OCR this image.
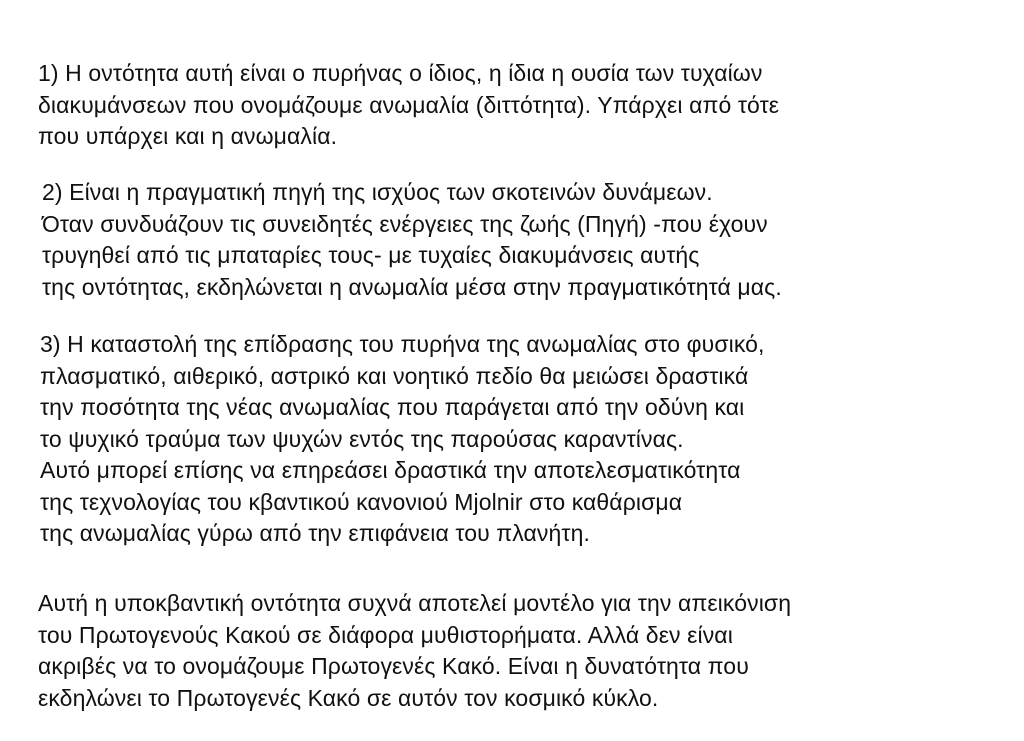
1) Η οντότητα αυτή είναι ο πυρήνας ο ίδιος, η ίδια η ουσία των τυχαίων
διακυμάνσεων που ονομάζουμε ανωμαλία (διττότητα). Υπάρχει από τότε
που υπάρχει και η ανωμαλία.
2) Είναι η πραγματική πηγή της ισχύος των σκοτεινών δυνάμεων.
Όταν συνδυάζουν τις συνειδητές ενέργειες της ζωής (Πηγή) -που έχουν
τρυγηθεί από τις μπαταρίες τους- με τυχαίες διακυμάνσεις αυτής
της οντότητας, εκδηλώνεται η ανωμαλία μέσα στην πραγματικότητά μας.
3) Η καταστολή της επίδρασης του πυρήνα της ανωμαλίας στο φυσικό,
πλασματικό, αιθερικό, αστρικό και νοητικό πεδίο θα μειώσει δραστικά
την ποσότητα της νέας ανωμαλίας που παράγεται από την οδύνη και
το ψυχικό τραύμα των ψυχών εντός της παρούσας καραντίνας.
Αυτό μπορεί επίσης να επηρεάσει δραστικά την αποτελεσματικότητα
της τεχνολογίας του κβαντικού κανονιού Mjolnir στο καθάρισμα
της ανωμαλίας γύρω από την επιφάνεια του πλανήτη.
Αυτή η υποκβαντική οντότητα συχνά αποτελεί μοντέλο για την απεικόνιση
του Πρωτογενούς Κακού σε διάφορα μυθιστορήματα. Αλλά δεν είναι
ακριβές να το ονομάζουμε Πρωτογενές Κακό. Είναι η δυνατότητα που
εκδηλώνει το Πρωτογενές Κακό σε αυτόν τον κοσμικό κύκλο.
